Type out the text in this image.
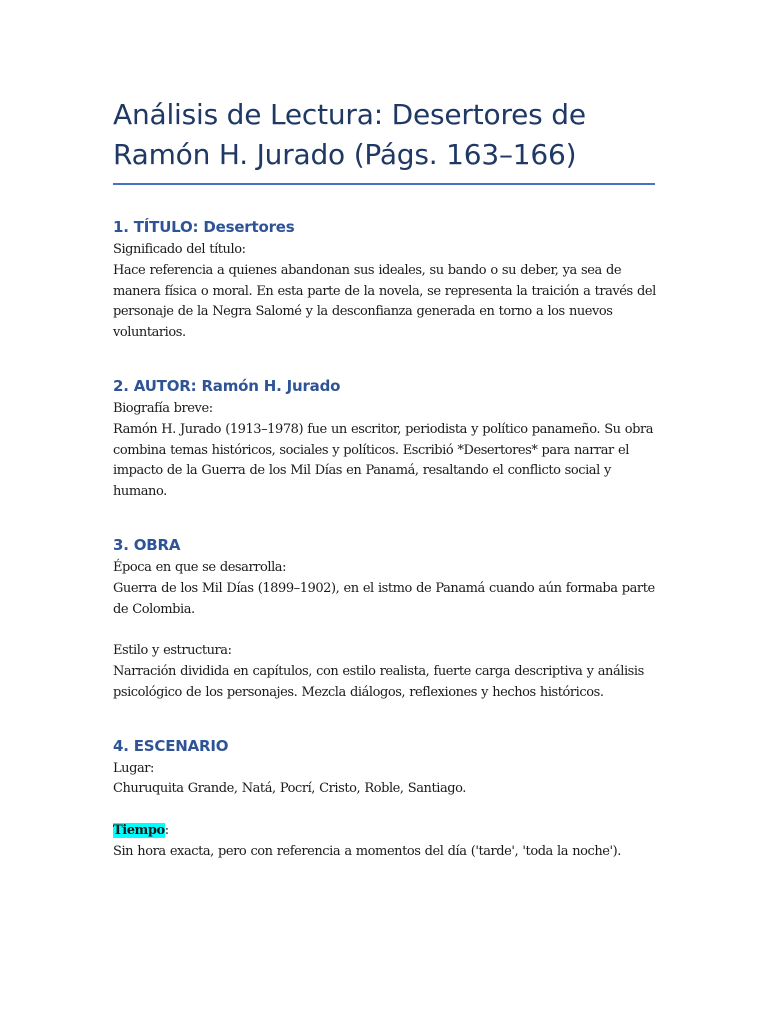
Análisis de Lectura: Desertores de
Ramón H. Jurado (Págs. 163–166)
1. TÍTULO: Desertores

Significado del título:

Hace referencia a quienes abandonan sus ideales, su bando o su deber, ya sea de manera física o moral. En esta parte de la novela, se representa la traición a través del personaje de la Negra Salomé y la desconfianza generada en torno a los nuevos voluntarios.

2. AUTOR: Ramón H. Jurado

Biografía breve:

Ramón H. Jurado (1913–1978) fue un escritor, periodista y político panameño. Su obra combina temas históricos, sociales y políticos. Escribió *Desertores* para narrar el impacto de la Guerra de los Mil Días en Panamá, resaltando el conflicto social y humano.

3. OBRA

Época en que se desarrolla:

Guerra de los Mil Días (1899–1902), en el istmo de Panamá cuando aún formaba parte de Colombia.

Estilo y estructura:

Narración dividida en capítulos, con estilo realista, fuerte carga descriptiva y análisis psicológico de los personajes. Mezcla diálogos, reflexiones y hechos históricos.

4. ESCENARIO

Lugar:

Churuquita Grande, Natá, Pocrí, Cristo, Roble, Santiago.

Tiempo:

Sin hora exacta, pero con referencia a momentos del día ('tarde', 'toda la noche').
